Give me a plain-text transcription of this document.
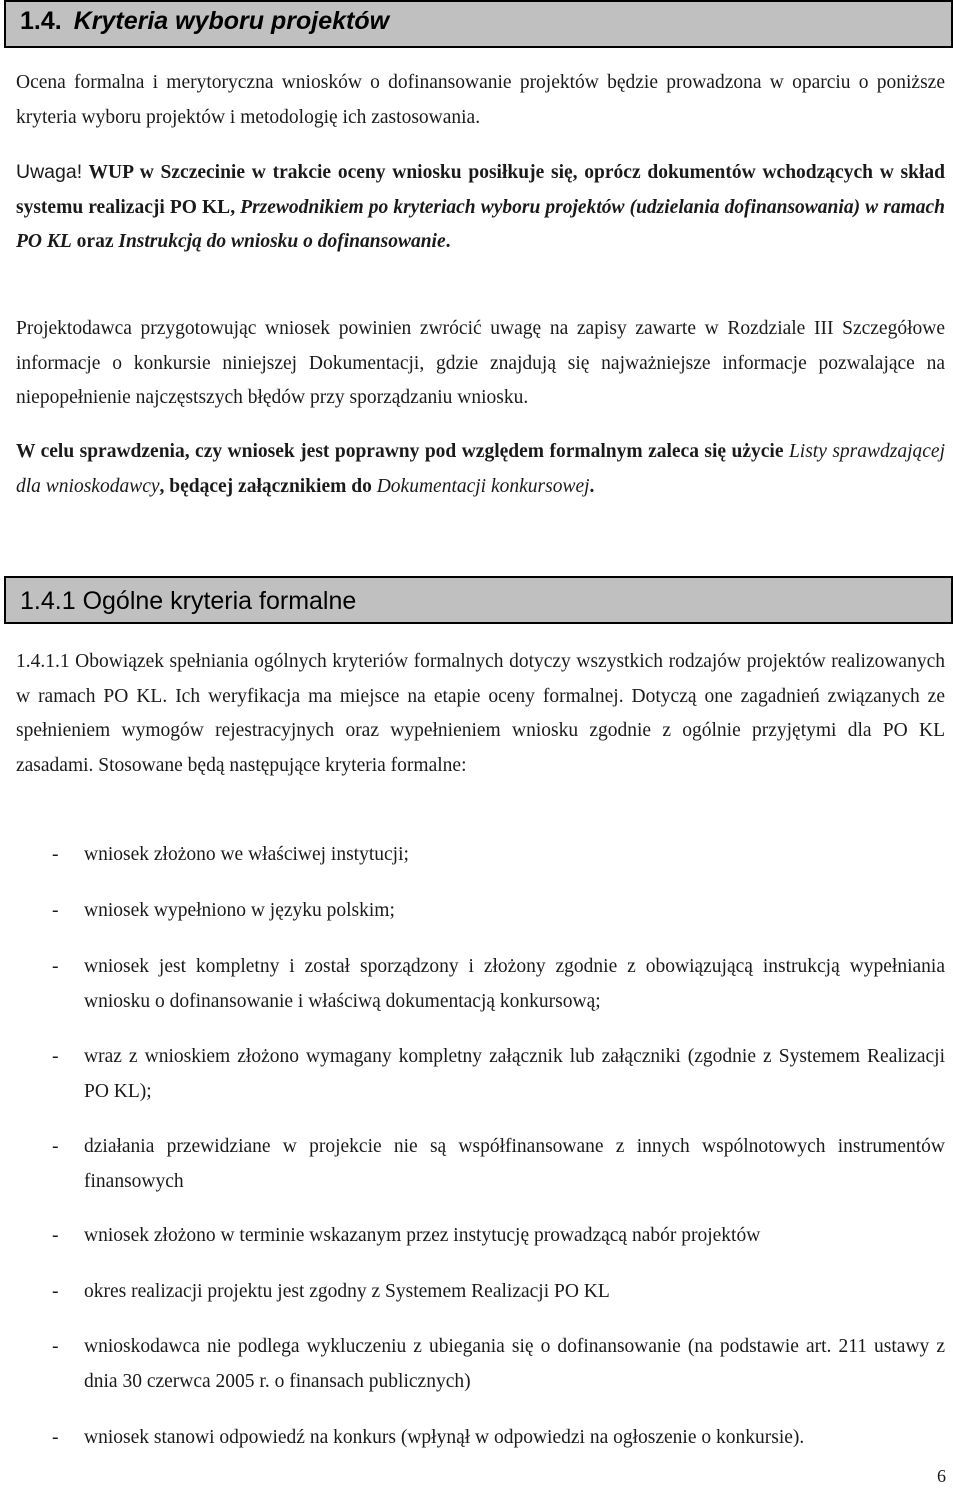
1.4. Kryteria wyboru projektów

Ocena formalna i merytoryczna wniosków o dofinansowanie projektów będzie prowadzona w oparciu o poniższe kryteria wyboru projektów i metodologię ich zastosowania.

Uwaga! WUP w Szczecinie w trakcie oceny wniosku posiłkuje się, oprócz dokumentów wchodzących w skład systemu realizacji PO KL, Przewodnikiem po kryteriach wyboru projektów (udzielania dofinansowania) w ramach PO KL oraz Instrukcją do wniosku o dofinansowanie.

Projektodawca przygotowując wniosek powinien zwrócić uwagę na zapisy zawarte w Rozdziale III Szczegółowe informacje o konkursie niniejszej Dokumentacji, gdzie znajdują się najważniejsze informacje pozwalające na niepopełnienie najczęstszych błędów przy sporządzaniu wniosku.

W celu sprawdzenia, czy wniosek jest poprawny pod względem formalnym zaleca się użycie Listy sprawdzającej dla wnioskodawcy, będącej załącznikiem do Dokumentacji konkursowej.

1.4.1 Ogólne kryteria formalne

1.4.1.1 Obowiązek spełniania ogólnych kryteriów formalnych dotyczy wszystkich rodzajów projektów realizowanych w ramach PO KL. Ich weryfikacja ma miejsce na etapie oceny formalnej. Dotyczą one zagadnień związanych ze spełnieniem wymogów rejestracyjnych oraz wypełnieniem wniosku zgodnie z ogólnie przyjętymi dla PO KL zasadami. Stosowane będą następujące kryteria formalne:

- wniosek złożono we właściwej instytucji;
- wniosek wypełniono w języku polskim;
- wniosek jest kompletny i został sporządzony i złożony zgodnie z obowiązującą instrukcją wypełniania wniosku o dofinansowanie i właściwą dokumentacją konkursową;
- wraz z wnioskiem złożono wymagany kompletny załącznik lub załączniki (zgodnie z Systemem Realizacji PO KL);
- działania przewidziane w projekcie nie są współfinansowane z innych wspólnotowych instrumentów finansowych
- wniosek złożono w terminie wskazanym przez instytucję prowadzącą nabór projektów
- okres realizacji projektu jest zgodny z Systemem Realizacji PO KL
- wnioskodawca nie podlega wykluczeniu z ubiegania się o dofinansowanie (na podstawie art. 211 ustawy z dnia 30 czerwca 2005 r. o finansach publicznych)
- wniosek stanowi odpowiedź na konkurs (wpłynął w odpowiedzi na ogłoszenie o konkursie).
6
